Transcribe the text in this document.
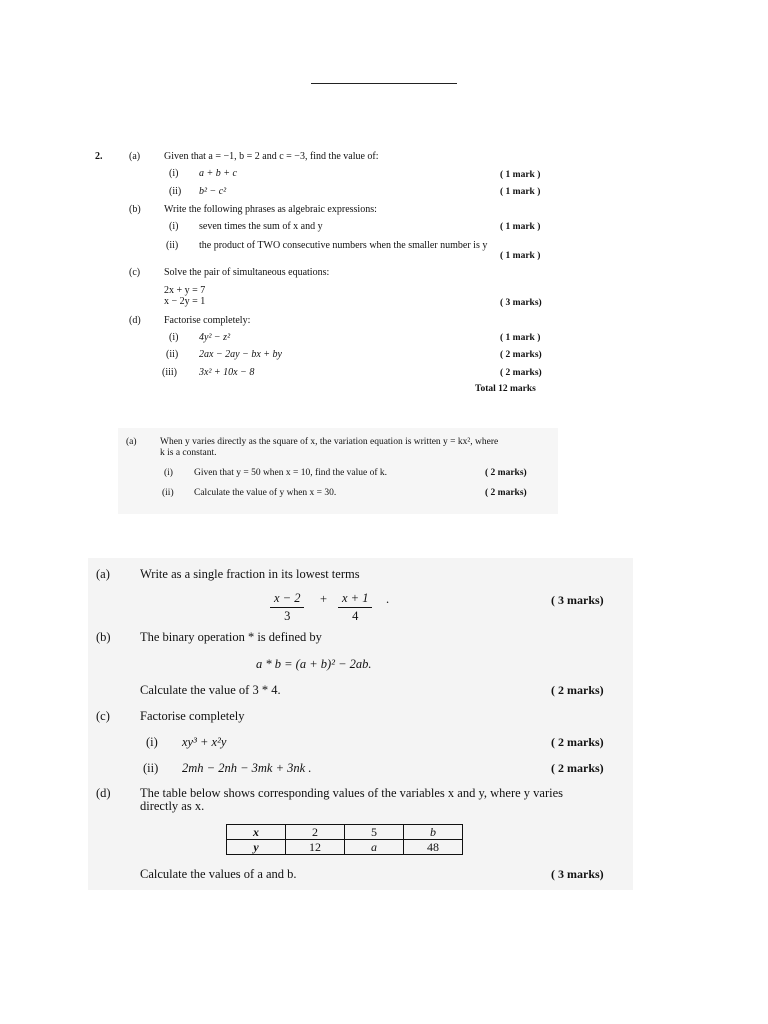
2.	(a) Given that a = −1, b = 2 and c = −3, find the value of:
(i) a + b + c	( 1 mark )
(ii) b² − c²	( 1 mark )
(b) Write the following phrases as algebraic expressions:
(i) seven times the sum of x and y	( 1 mark )
(ii) the product of TWO consecutive numbers when the smaller number is y
( 1 mark )
(c) Solve the pair of simultaneous equations:
2x + y = 7
x − 2y = 1	( 3 marks)
(d) Factorise completely:
(i) 4y² − z²	( 1 mark )
(ii) 2ax − 2ay − bx + by	( 2 marks)
(iii) 3x² + 10x − 8	( 2 marks)
Total 12 marks
(a) When y varies directly as the square of x, the variation equation is written y = kx², where
k is a constant.
(i) Given that y = 50 when x = 10, find the value of k.	( 2 marks)
(ii) Calculate the value of y when x = 30.	( 2 marks)
(a) Write as a single fraction in its lowest terms
$\frac{x - 2}{3} + \frac{x + 1}{4}$ .	( 3 marks)
(b) The binary operation * is defined by
a * b = (a + b)² − 2ab.
Calculate the value of 3 * 4.	( 2 marks)
(c) Factorise completely
(i) xy³ + x²y	( 2 marks)
(ii) 2mh − 2nh − 3mk + 3nk .	( 2 marks)
(d) The table below shows corresponding values of the variables x and y, where y varies
directly as x.
x	2	5	b
y	12	a	48
Calculate the values of a and b.	( 3 marks)
